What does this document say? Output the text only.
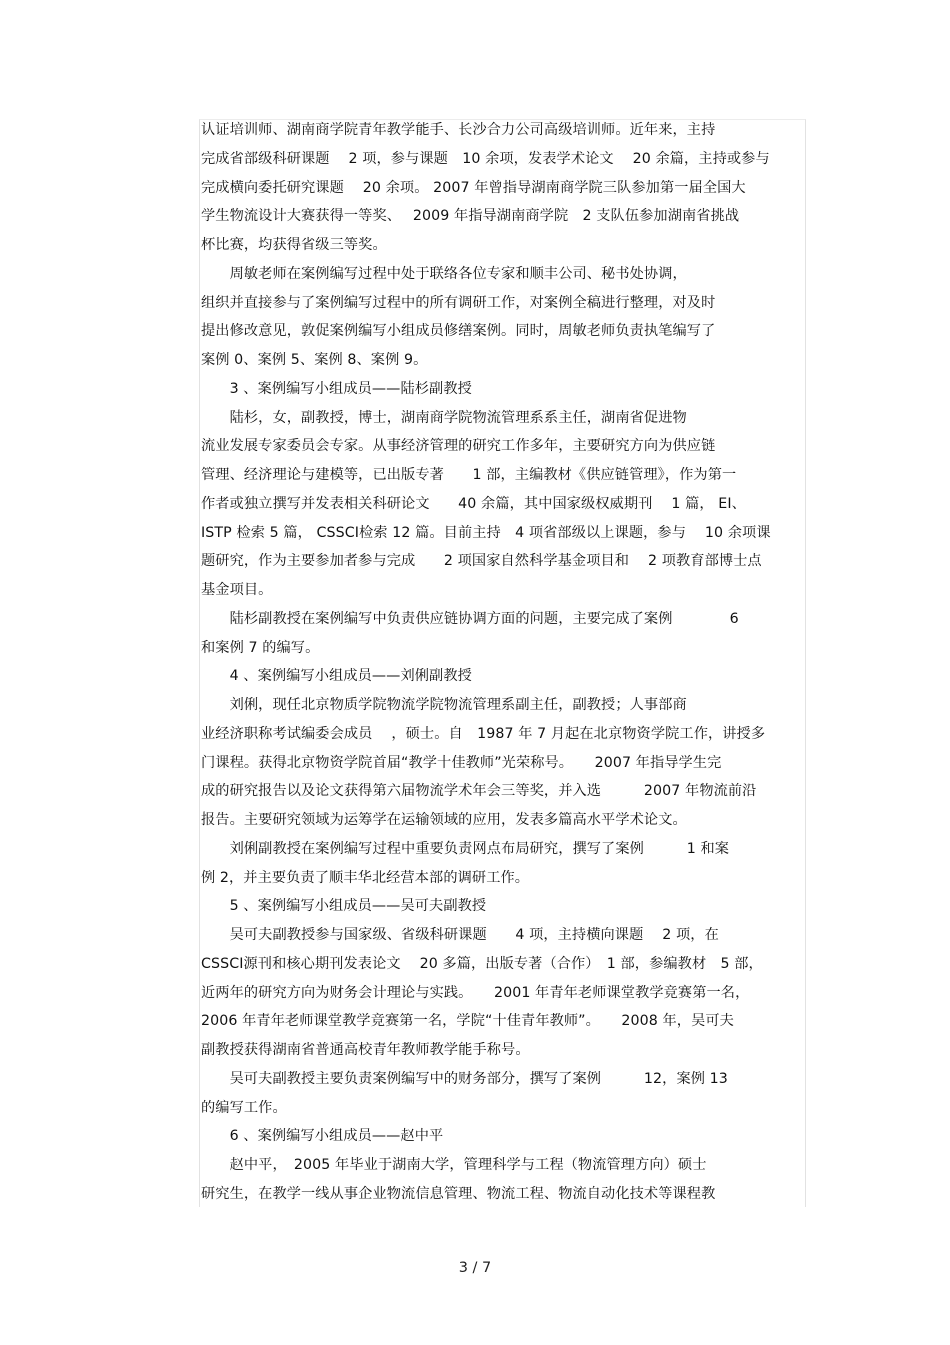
认证培训师、湖南商学院青年教学能手、长沙合力公司高级培训师。近年来，主持
完成省部级科研课题　 2 项，参与课题　10 余项，发表学术论文　 20 余篇，主持或参与
完成横向委托研究课题　 20 余项。 2007 年曾指导湖南商学院三队参加第一届全国大
学生物流设计大赛获得一等奖、　 2009 年指导湖南商学院　2 支队伍参加湖南省挑战
杯比赛，均获得省级三等奖。
　　周敏老师在案例编写过程中处于联络各位专家和顺丰公司、秘书处协调，
组织并直接参与了案例编写过程中的所有调研工作，对案例全稿进行整理，对及时
提出修改意见，敦促案例编写小组成员修缮案例。同时，周敏老师负责执笔编写了
案例 0、案例 5、案例 8、案例 9。
　　3 、案例编写小组成员——陆杉副教授
　　陆杉，女，副教授，博士，湖南商学院物流管理系系主任，湖南省促进物
流业发展专家委员会专家。从事经济管理的研究工作多年，主要研究方向为供应链
管理、经济理论与建模等，已出版专著　　1 部，主编教材《供应链管理》，作为第一
作者或独立撰写并发表相关科研论文　　40 余篇，其中国家级权威期刊　 1 篇， EI、
ISTP 检索 5 篇， CSSCI检索 12 篇。目前主持　4 项省部级以上课题，参与　 10 余项课
题研究，作为主要参加者参与完成　　2 项国家自然科学基金项目和　 2 项教育部博士点
基金项目。
　　陆杉副教授在案例编写中负责供应链协调方面的问题，主要完成了案例　　　　6
和案例 7 的编写。
　　4 、案例编写小组成员——刘俐副教授
　　刘俐，现任北京物质学院物流学院物流管理系副主任，副教授；人事部商
业经济职称考试编委会成员　 ，硕士。自　1987 年 7 月起在北京物资学院工作，讲授多
门课程。获得北京物资学院首届“教学十佳教师”光荣称号。　　2007 年指导学生完
成的研究报告以及论文获得第六届物流学术年会三等奖，并入选　　　2007 年物流前沿
报告。主要研究领域为运筹学在运输领域的应用，发表多篇高水平学术论文。
　　刘俐副教授在案例编写过程中重要负责网点布局研究，撰写了案例　　　1 和案
例 2，并主要负责了顺丰华北经营本部的调研工作。
　　5 、案例编写小组成员——吴可夫副教授
　　吴可夫副教授参与国家级、省级科研课题　　4 项，主持横向课题　 2 项，在
CSSCI源刊和核心期刊发表论文　 20 多篇，出版专著（合作）　1 部，参编教材　5 部，
近两年的研究方向为财务会计理论与实践。　　2001 年青年老师课堂教学竞赛第一名，
2006 年青年老师课堂教学竞赛第一名，学院“十佳青年教师”。　　2008 年，吴可夫
副教授获得湖南省普通高校青年教师教学能手称号。
　　吴可夫副教授主要负责案例编写中的财务部分，撰写了案例　　　12，案例 13
的编写工作。
　　6 、案例编写小组成员——赵中平
　　赵中平，　2005 年毕业于湖南大学，管理科学与工程（物流管理方向）硕士
研究生，在教学一线从事企业物流信息管理、物流工程、物流自动化技术等课程教
3 / 7
